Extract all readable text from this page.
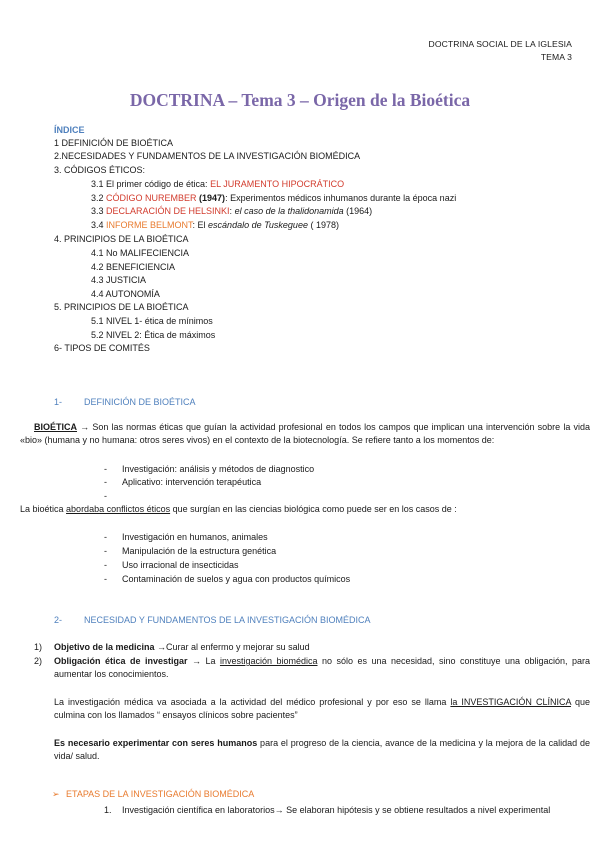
DOCTRINA SOCIAL DE LA IGLESIA
TEMA 3
DOCTRINA – Tema 3 – Origen de la Bioética
ÍNDICE
1 DEFINICIÓN DE BIOÉTICA
2.NECESIDADES Y FUNDAMENTOS DE LA INVESTIGACIÓN BIOMÉDICA
3. CÓDIGOS ÉTICOS:
3.1 El primer código de ética: EL JURAMENTO HIPOCRÁTICO
3.2 CÓDIGO NUREMBER (1947): Experimentos médicos inhumanos durante la época nazi
3.3 DECLARACIÓN DE HELSINKI: el caso de la thalidonamida (1964)
3.4 INFORME BELMONT: El escándalo de Tuskeguee ( 1978)
4. PRINCIPIOS DE LA BIOÉTICA
4.1 No MALIFECIENCIA
4.2 BENEFICIENCIA
4.3 JUSTICIA
4.4 AUTONOMÍA
5. PRINCIPIOS DE LA BIOÉTICA
5.1 NIVEL 1- ética de mínimos
5.2 NIVEL 2: Ética de máximos
6- TIPOS DE COMITÉS
1- DEFINICIÓN DE BIOÉTICA
BIOÉTICA → Son las normas éticas que guían la actividad profesional en todos los campos que implican una intervención sobre la vida «bio» (humana y no humana: otros seres vivos) en el contexto de la biotecnología. Se refiere tanto a los momentos de:
- Investigación: análisis y métodos de diagnostico
- Aplicativo: intervención terapéutica
-
La bioética abordaba conflictos éticos que surgían en las ciencias biológica como puede ser en los casos de :
- Investigación en humanos, animales
- Manipulación de la estructura genética
- Uso irracional de insecticidas
- Contaminación de suelos y agua con productos químicos
2- NECESIDAD Y FUNDAMENTOS DE LA INVESTIGACIÓN BIOMÉDICA
1) Objetivo de la medicina →Curar al enfermo y mejorar su salud
2) Obligación ética de investigar → La investigación biomédica no sólo es una necesidad, sino constituye una obligación, para aumentar los conocimientos.
La investigación médica va asociada a la actividad del médico profesional y por eso se llama la INVESTIGACIÓN CLÍNICA que culmina con los llamados “ ensayos clínicos sobre pacientes”
Es necesario experimentar con seres humanos para el progreso de la ciencia, avance de la medicina y la mejora de la calidad de vida/ salud.
➢ ETAPAS DE LA INVESTIGACIÓN BIOMÉDICA
1. Investigación científica en laboratorios→ Se elaboran hipótesis y se obtiene resultados a nivel experimental
